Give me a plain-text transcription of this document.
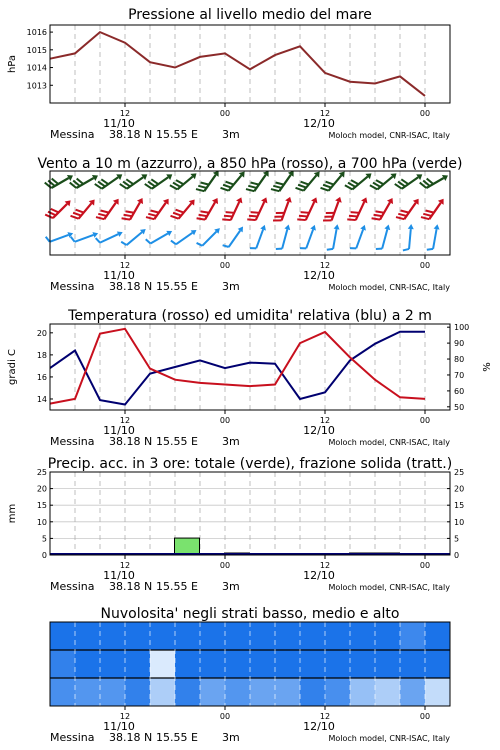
Pressione al livello medio del mare
Vento a 10 m (azzurro), a 850 hPa (rosso), a 700 hPa (verde)
Temperatura (rosso) ed umidita' relativa (blu) a 2 m
Precip. acc. in 3 ore: totale (verde), frazione solida (tratt.)
Nuvolosita' negli strati basso, medio e alto
1013
1014
1015
1016
hPa
12	00	12	00
11/10	12/10
Messina 38.18 N 15.55 E 3m	Moloch model, CNR-ISAC, Italy
12	00	12	00
11/10	12/10
Messina 38.18 N 15.55 E 3m	Moloch model, CNR-ISAC, Italy
14
16
18
20
50
60
70
80
90
100
gradi C	%
12	00	12	00
11/10	12/10
Messina 38.18 N 15.55 E 3m	Moloch model, CNR-ISAC, Italy
0
5
10
15
20
25
0
5
10
15
20
25
mm
12	00	12	00
11/10	12/10
Messina 38.18 N 15.55 E 3m	Moloch model, CNR-ISAC, Italy
12	00	12	00
11/10	12/10
Messina 38.18 N 15.55 E 3m	Moloch model, CNR-ISAC, Italy
